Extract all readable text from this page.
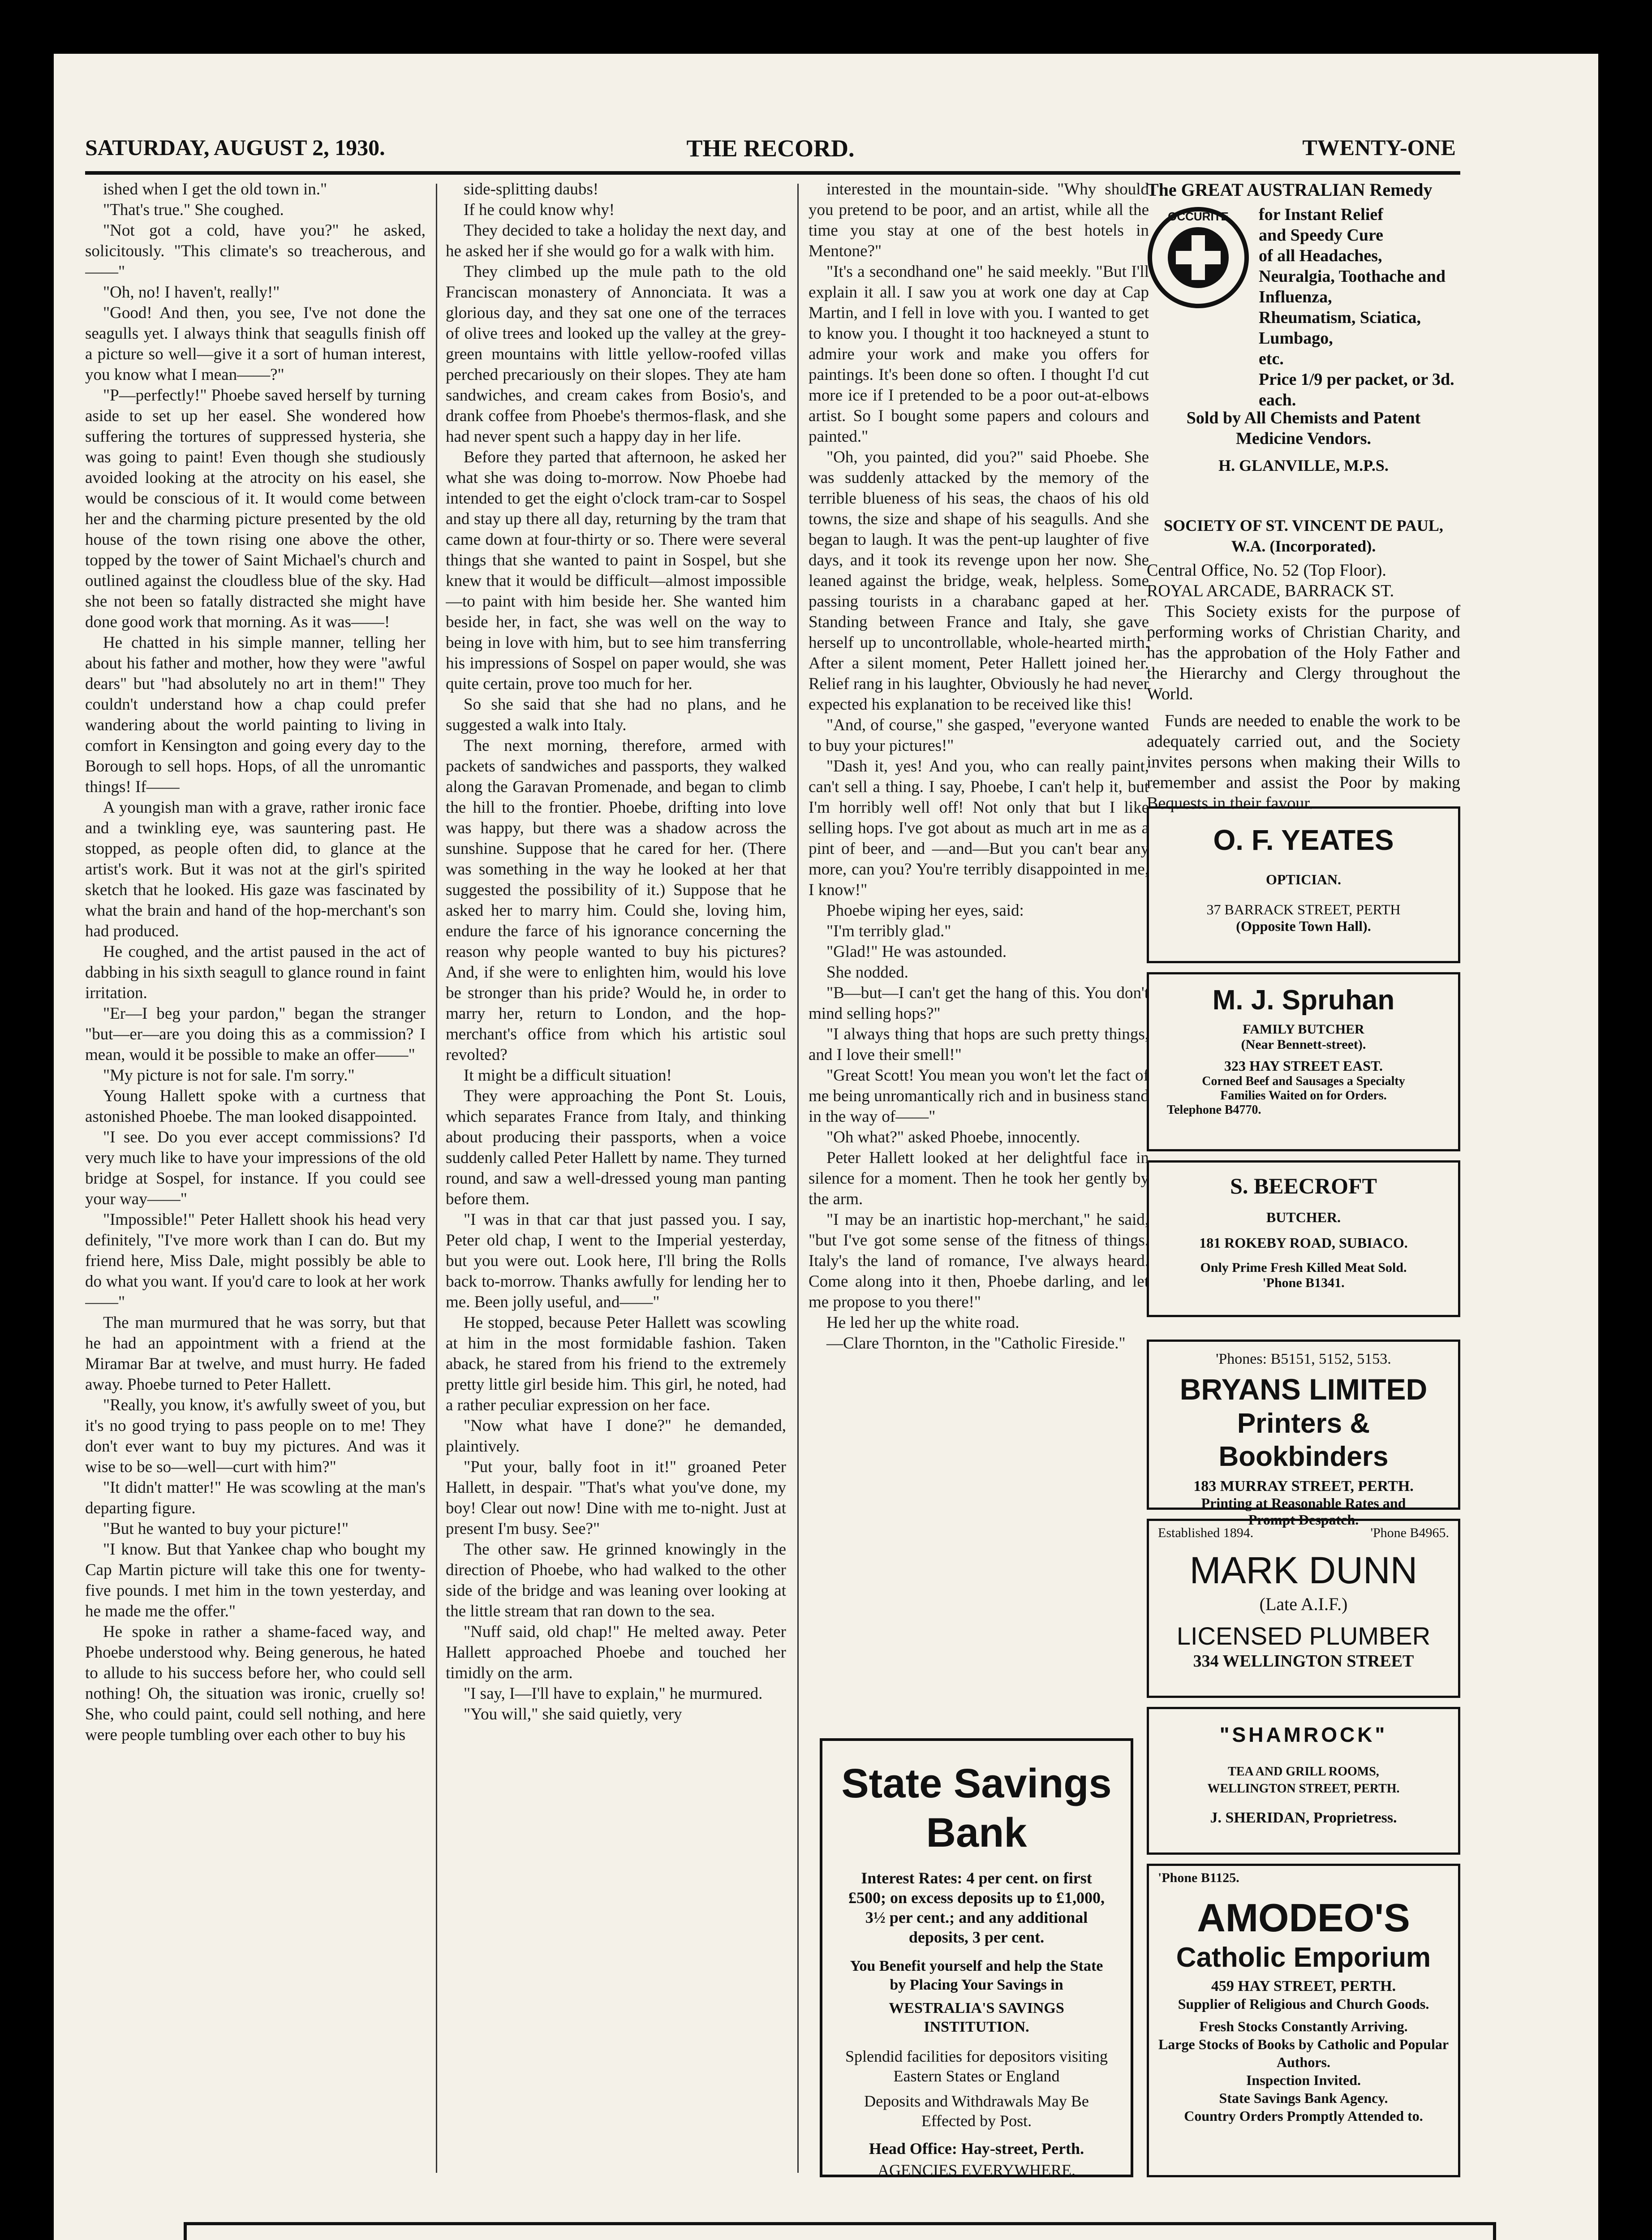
SATURDAY, AUGUST 2, 1930.	THE RECORD.	TWENTY-ONE

ished when I get the old town in."

"That's true." She coughed.

"Not got a cold, have you?" he asked, solicitously. "This climate's so treacherous, and——"

"Oh, no! I haven't, really!"

"Good! And then, you see, I've not done the seagulls yet. I always think that seagulls finish off a picture so well—give it a sort of human interest, you know what I mean——?"

"P—perfectly!" Phoebe saved herself by turning aside to set up her easel. She wondered how suffering the tortures of suppressed hysteria, she was going to paint! Even though she studiously avoided looking at the atrocity on his easel, she would be conscious of it. It would come between her and the charming picture presented by the old house of the town rising one above the other, topped by the tower of Saint Michael's church and outlined against the cloudless blue of the sky. Had she not been so fatally distracted she might have done good work that morning. As it was——!

He chatted in his simple manner, telling her about his father and mother, how they were "awful dears" but "had absolutely no art in them!" They couldn't understand how a chap could prefer wandering about the world painting to living in comfort in Kensington and going every day to the Borough to sell hops. Hops, of all the unromantic things! If——

A youngish man with a grave, rather ironic face and a twinkling eye, was sauntering past. He stopped, as people often did, to glance at the artist's work. But it was not at the girl's spirited sketch that he looked. His gaze was fascinated by what the brain and hand of the hop-merchant's son had produced.

He coughed, and the artist paused in the act of dabbing in his sixth seagull to glance round in faint irritation.

"Er—I beg your pardon," began the stranger "but—er—are you doing this as a commission? I mean, would it be possible to make an offer——"

"My picture is not for sale. I'm sorry."

Young Hallett spoke with a curtness that astonished Phoebe. The man looked disappointed.

"I see. Do you ever accept commissions? I'd very much like to have your impressions of the old bridge at Sospel, for instance. If you could see your way——"

"Impossible!" Peter Hallett shook his head very definitely, "I've more work than I can do. But my friend here, Miss Dale, might possibly be able to do what you want. If you'd care to look at her work——"

The man murmured that he was sorry, but that he had an appointment with a friend at the Miramar Bar at twelve, and must hurry. He faded away. Phoebe turned to Peter Hallett.

"Really, you know, it's awfully sweet of you, but it's no good trying to pass people on to me! They don't ever want to buy my pictures. And was it wise to be so—well—curt with him?"

"It didn't matter!" He was scowling at the man's departing figure.

"But he wanted to buy your picture!"

"I know. But that Yankee chap who bought my Cap Martin picture will take this one for twenty-five pounds. I met him in the town yesterday, and he made me the offer."

He spoke in rather a shame-faced way, and Phoebe understood why. Being generous, he hated to allude to his success before her, who could sell nothing! Oh, the situation was ironic, cruelly so! She, who could paint, could sell nothing, and here were people tumbling over each other to buy his

side-splitting daubs!

If he could know why!

They decided to take a holiday the next day, and he asked her if she would go for a walk with him.

They climbed up the mule path to the old Franciscan monastery of Annonciata. It was a glorious day, and they sat one one of the terraces of olive trees and looked up the valley at the grey-green mountains with little yellow-roofed villas perched precariously on their slopes. They ate ham sandwiches, and cream cakes from Bosio's, and drank coffee from Phoebe's thermos-flask, and she had never spent such a happy day in her life.

Before they parted that afternoon, he asked her what she was doing to-morrow. Now Phoebe had intended to get the eight o'clock tram-car to Sospel and stay up there all day, returning by the tram that came down at four-thirty or so. There were several things that she wanted to paint in Sospel, but she knew that it would be difficult—almost impossible—to paint with him beside her. She wanted him beside her, in fact, she was well on the way to being in love with him, but to see him transferring his impressions of Sospel on paper would, she was quite certain, prove too much for her.

So she said that she had no plans, and he suggested a walk into Italy.

The next morning, therefore, armed with packets of sandwiches and passports, they walked along the Garavan Promenade, and began to climb the hill to the frontier. Phoebe, drifting into love was happy, but there was a shadow across the sunshine. Suppose that he cared for her. (There was something in the way he looked at her that suggested the possibility of it.) Suppose that he asked her to marry him. Could she, loving him, endure the farce of his ignorance concerning the reason why people wanted to buy his pictures? And, if she were to enlighten him, would his love be stronger than his pride? Would he, in order to marry her, return to London, and the hop-merchant's office from which his artistic soul revolted?

It might be a difficult situation!

They were approaching the Pont St. Louis, which separates France from Italy, and thinking about producing their passports, when a voice suddenly called Peter Hallett by name. They turned round, and saw a well-dressed young man panting before them.

"I was in that car that just passed you. I say, Peter old chap, I went to the Imperial yesterday, but you were out. Look here, I'll bring the Rolls back to-morrow. Thanks awfully for lending her to me. Been jolly useful, and——"

He stopped, because Peter Hallett was scowling at him in the most formidable fashion. Taken aback, he stared from his friend to the extremely pretty little girl beside him. This girl, he noted, had a rather peculiar expression on her face.

"Now what have I done?" he demanded, plaintively.

"Put your, bally foot in it!" groaned Peter Hallett, in despair. "That's what you've done, my boy! Clear out now! Dine with me to-night. Just at present I'm busy. See?"

The other saw. He grinned knowingly in the direction of Phoebe, who had walked to the other side of the bridge and was leaning over looking at the little stream that ran down to the sea.

"Nuff said, old chap!" He melted away. Peter Hallett approached Phoebe and touched her timidly on the arm.

"I say, I—I'll have to explain," he murmured.

"You will," she said quietly, very

interested in the mountain-side. "Why should you pretend to be poor, and an artist, while all the time you stay at one of the best hotels in Mentone?"

"It's a secondhand one" he said meekly. "But I'll explain it all. I saw you at work one day at Cap Martin, and I fell in love with you. I wanted to get to know you. I thought it too hackneyed a stunt to admire your work and make you offers for paintings. It's been done so often. I thought I'd cut more ice if I pretended to be a poor out-at-elbows artist. So I bought some papers and colours and painted."

"Oh, you painted, did you?" said Phoebe. She was suddenly attacked by the memory of the terrible blueness of his seas, the chaos of his old towns, the size and shape of his seagulls. And she began to laugh. It was the pent-up laughter of five days, and it took its revenge upon her now. She leaned against the bridge, weak, helpless. Some passing tourists in a charabanc gaped at her. Standing between France and Italy, she gave herself up to uncontrollable, whole-hearted mirth. After a silent moment, Peter Hallett joined her. Relief rang in his laughter, Obviously he had never expected his explanation to be received like this!

"And, of course," she gasped, "everyone wanted to buy your pictures!"

"Dash it, yes! And you, who can really paint, can't sell a thing. I say, Phoebe, I can't help it, but I'm horribly well off! Not only that but I like selling hops. I've got about as much art in me as a pint of beer, and —and—But you can't bear any more, can you? You're terribly disappointed in me, I know!"

Phoebe wiping her eyes, said:

"I'm terribly glad."

"Glad!" He was astounded.

She nodded.

"B—but—I can't get the hang of this. You don't mind selling hops?"

"I always thing that hops are such pretty things, and I love their smell!"

"Great Scott! You mean you won't let the fact of me being unromantically rich and in business stand in the way of——"

"Oh what?" asked Phoebe, innocently.

Peter Hallett looked at her delightful face in silence for a moment. Then he took her gently by the arm.

"I may be an inartistic hop-merchant," he said, "but I've got some sense of the fitness of things. Italy's the land of romance, I've always heard. Come along into it then, Phoebe darling, and let me propose to you there!"

He led her up the white road.

—Clare Thornton, in the "Catholic Fireside."

State Savings
Bank
Interest Rates: 4 per cent. on first £500; on excess deposits up to £1,000, 3½ per cent.; and any additional deposits, 3 per cent.
You Benefit yourself and help the State by Placing Your Savings in
WESTRALIA'S SAVINGS INSTITUTION.
Splendid facilities for depositors visiting Eastern States or England
Deposits and Withdrawals May Be Effected by Post.
Head Office: Hay-street, Perth.
AGENCIES EVERYWHERE.
The GREAT AUSTRALIAN Remedy
OCCURITE for Instant Relief
and Speedy Cure
of all Headaches,
Neuralgia, Toothache and Influenza,
Rheumatism, Sciatica, Lumbago,
etc.
Price 1/9 per packet, or 3d. each.
Sold by All Chemists and Patent
Medicine Vendors.
H. GLANVILLE, M.P.S.
SOCIETY OF ST. VINCENT DE PAUL, W.A. (Incorporated).
Central Office, No. 52 (Top Floor).
ROYAL ARCADE, BARRACK ST.
This Society exists for the purpose of performing works of Christian Charity, and has the approbation of the Holy Father and the Hierarchy and Clergy throughout the World.
Funds are needed to enable the work to be adequately carried out, and the Society invites persons when making their Wills to remember and assist the Poor by making Bequests in their favour.
O. F. YEATES
OPTICIAN.
37 BARRACK STREET, PERTH
(Opposite Town Hall).
M. J. Spruhan
FAMILY BUTCHER
(Near Bennett-street).
323 HAY STREET EAST.
Corned Beef and Sausages a Specialty
Families Waited on for Orders.
Telephone B4770.
S. BEECROFT
BUTCHER.
181 ROKEBY ROAD, SUBIACO.
Only Prime Fresh Killed Meat Sold.
'Phone B1341.
'Phones: B5151, 5152, 5153.
BRYANS LIMITED
Printers & Bookbinders
183 MURRAY STREET, PERTH.
Printing at Reasonable Rates and
Prompt Despatch.
Established 1894.	'Phone B4965.
MARK DUNN
(Late A.I.F.)
LICENSED PLUMBER
334 WELLINGTON STREET
"SHAMROCK"
TEA AND GRILL ROOMS,
WELLINGTON STREET, PERTH.
J. SHERIDAN, Proprietress.
'Phone B1125.
AMODEO'S
Catholic Emporium
459 HAY STREET, PERTH.
Supplier of Religious and Church Goods.
Fresh Stocks Constantly Arriving.
Large Stocks of Books by Catholic and Popular Authors.
Inspection Invited.
State Savings Bank Agency.
Country Orders Promptly Attended to.
